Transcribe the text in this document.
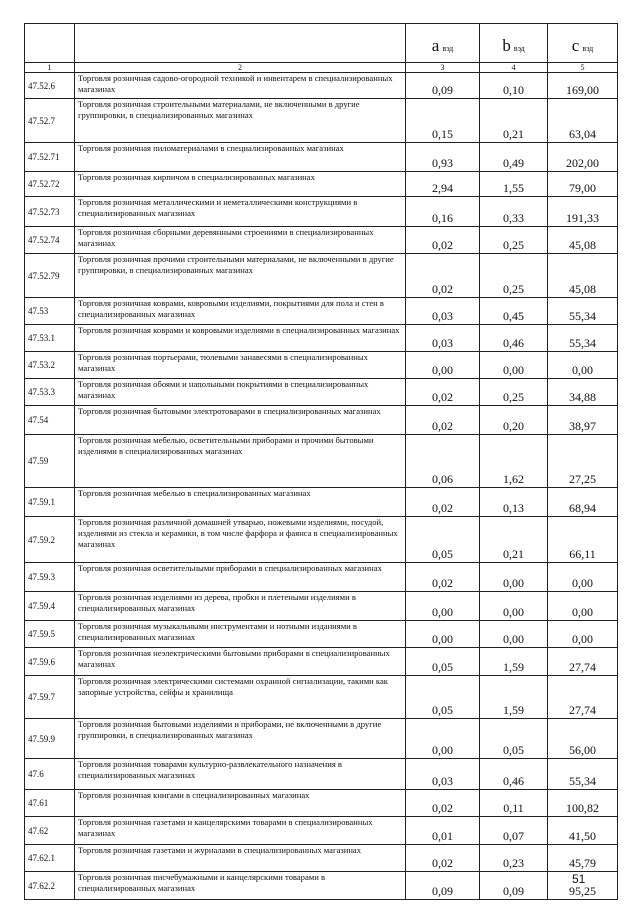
		a вэд	b вэд	c вэд
1	2	3	4	5
47.52.6	Торговля розничная садово-огородной техникой и инвентарем в специализированных магазинах	0,09	0,10	169,00
47.52.7	Торговля розничная строительными материалами, не включенными в другие группировки, в специализированных магазинах	0,15	0,21	63,04
47.52.71	Торговля розничная пиломатериалами в специализированных магазинах	0,93	0,49	202,00
47.52.72	Торговля розничная кирпичом в специализированных магазинах	2,94	1,55	79,00
47.52.73	Торговля розничная металлическими и неметаллическими конструкциями в специализированных магазинах	0,16	0,33	191,33
47.52.74	Торговля розничная сборными деревянными строениями в специализированных магазинах	0,02	0,25	45,08
47.52.79	Торговля розничная прочими строительными материалами, не включенными в другие группировки, в специализированных магазинах	0,02	0,25	45,08
47.53	Торговля розничная коврами, ковровыми изделиями, покрытиями для пола и стен в специализированных магазинах	0,03	0,45	55,34
47.53.1	Торговля розничная коврами и ковровыми изделиями в специализированных магазинах	0,03	0,46	55,34
47.53.2	Торговля розничная портьерами, тюлевыми занавесями в специализированных магазинах	0,00	0,00	0,00
47.53.3	Торговля розничная обоями и напольными покрытиями в специализированных магазинах	0,02	0,25	34,88
47.54	Торговля розничная бытовыми электротоварами в специализированных магазинах	0,02	0,20	38,97
47.59	Торговля розничная мебелью, осветительными приборами и прочими бытовыми изделиями в специализированных магазинах	0,06	1,62	27,25
47.59.1	Торговля розничная мебелью в специализированных магазинах	0,02	0,13	68,94
47.59.2	Торговля розничная различной домашней утварью, ножевыми изделиями, посудой, изделиями из стекла и керамики, в том числе фарфора и фаянса в специализированных магазинах	0,05	0,21	66,11
47.59.3	Торговля розничная осветительными приборами в специализированных магазинах	0,02	0,00	0,00
47.59.4	Торговля розничная изделиями из дерева, пробки и плетеными изделиями в специализированных магазинах	0,00	0,00	0,00
47.59.5	Торговля розничная музыкальными инструментами и нотными изданиями в специализированных магазинах	0,00	0,00	0,00
47.59.6	Торговля розничная неэлектрическими бытовыми приборами в специализированных магазинах	0,05	1,59	27,74
47.59.7	Торговля розничная электрическими системами охранной сигнализации, такими как запорные устройства, сейфы и хранилища	0,05	1,59	27,74
47.59.9	Торговля розничная бытовыми изделиями и приборами, не включенными в другие группировки, в специализированных магазинах	0,00	0,05	56,00
47.6	Торговля розничная товарами культурно-развлекательного назначения в специализированных магазинах	0,03	0,46	55,34
47.61	Торговля розничная книгами в специализированных магазинах	0,02	0,11	100,82
47.62	Торговля розничная газетами и канцелярскими товарами в специализированных магазинах	0,01	0,07	41,50
47.62.1	Торговля розничная газетами и журналами в специализированных магазинах	0,02	0,23	45,79
47.62.2	Торговля розничная писчебумажными и канцелярскими товарами в специализированных магазинах	0,09	0,09	95,25
51
